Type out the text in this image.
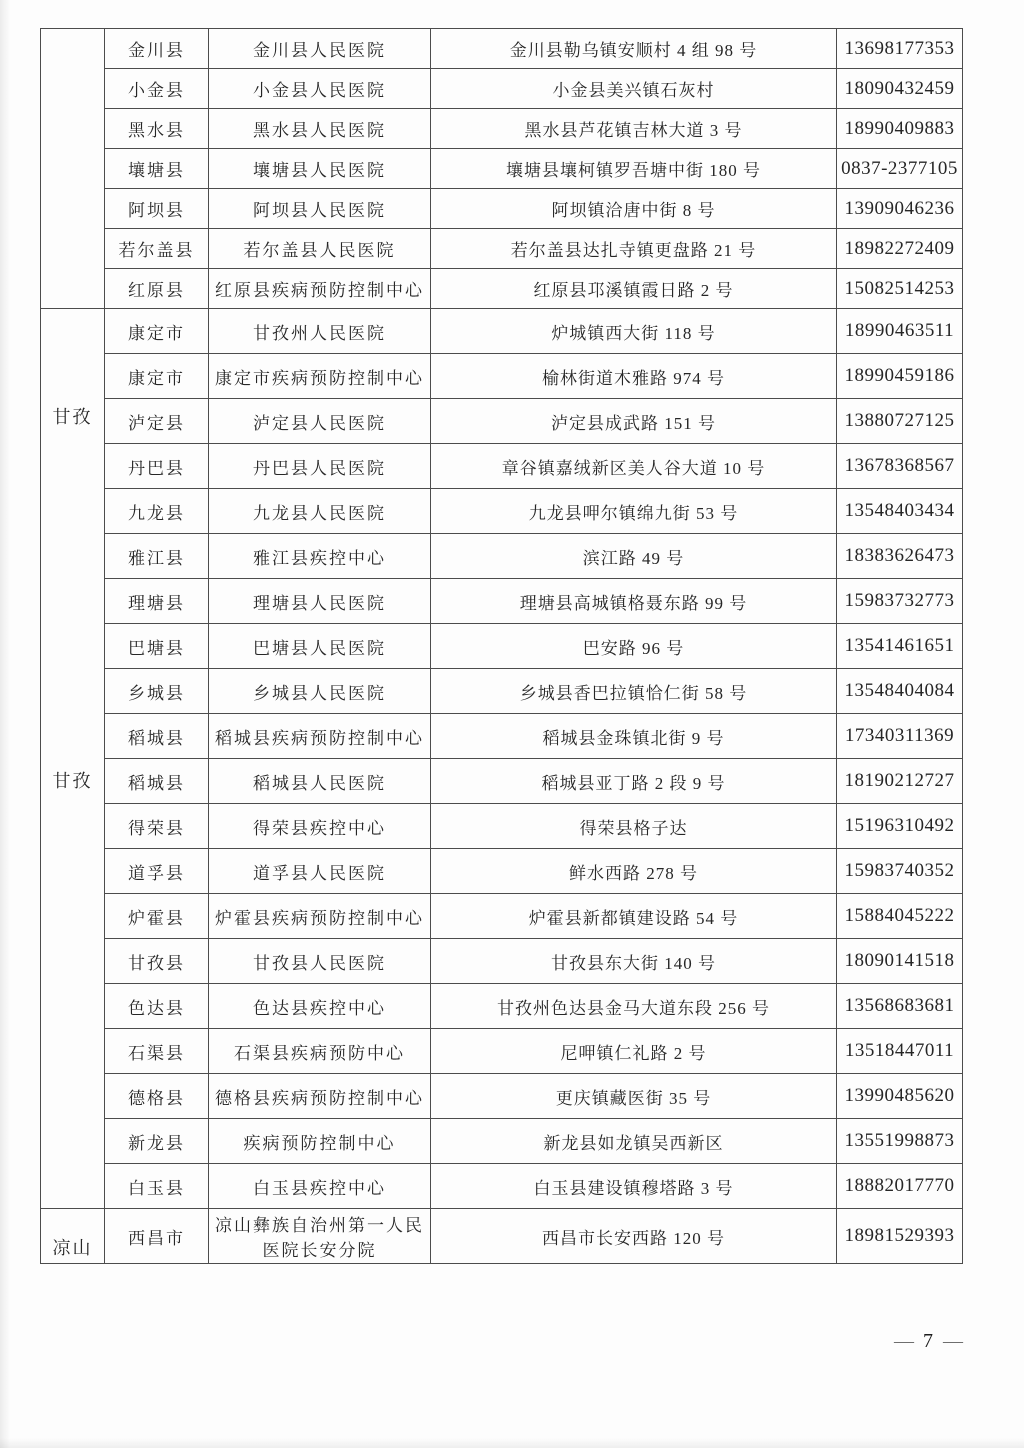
	金川县	金川县人民医院	金川县勒乌镇安顺村 4 组 98 号	13698177353
	小金县	小金县人民医院	小金县美兴镇石灰村	18090432459
	黑水县	黑水县人民医院	黑水县芦花镇吉林大道 3 号	18990409883
	壤塘县	壤塘县人民医院	壤塘县壤柯镇罗吾塘中街 180 号	0837-2377105
	阿坝县	阿坝县人民医院	阿坝镇洽唐中街 8 号	13909046236
	若尔盖县	若尔盖县人民医院	若尔盖县达扎寺镇更盘路 21 号	18982272409
	红原县	红原县疾病预防控制中心	红原县邛溪镇霞日路 2 号	15082514253

甘孜
甘孜	康定市	甘孜州人民医院	炉城镇西大街 118 号	18990463511
	康定市	康定市疾病预防控制中心	榆林街道木雅路 974 号	18990459186
	泸定县	泸定县人民医院	泸定县成武路 151 号	13880727125
	丹巴县	丹巴县人民医院	章谷镇嘉绒新区美人谷大道 10 号	13678368567
	九龙县	九龙县人民医院	九龙县呷尔镇绵九街 53 号	13548403434
	雅江县	雅江县疾控中心	滨江路 49 号	18383626473
	理塘县	理塘县人民医院	理塘县高城镇格聂东路 99 号	15983732773
	巴塘县	巴塘县人民医院	巴安路 96 号	13541461651
	乡城县	乡城县人民医院	乡城县香巴拉镇恰仁街 58 号	13548404084
	稻城县	稻城县疾病预防控制中心	稻城县金珠镇北街 9 号	17340311369
	稻城县	稻城县人民医院	稻城县亚丁路 2 段 9 号	18190212727
	得荣县	得荣县疾控中心	得荣县格子达	15196310492
	道孚县	道孚县人民医院	鲜水西路 278 号	15983740352
	炉霍县	炉霍县疾病预防控制中心	炉霍县新都镇建设路 54 号	15884045222
	甘孜县	甘孜县人民医院	甘孜县东大街 140 号	18090141518
	色达县	色达县疾控中心	甘孜州色达县金马大道东段 256 号	13568683681
	石渠县	石渠县疾病预防中心	尼呷镇仁礼路 2 号	13518447011
	德格县	德格县疾病预防控制中心	更庆镇藏医街 35 号	13990485620
	新龙县	疾病预防控制中心	新龙县如龙镇吴西新区	13551998873
	白玉县	白玉县疾控中心	白玉县建设镇穆塔路 3 号	18882017770

凉山	西昌市	凉山彝族自治州第一人民医院长安分院	西昌市长安西路 120 号	18981529393
— 7 —
